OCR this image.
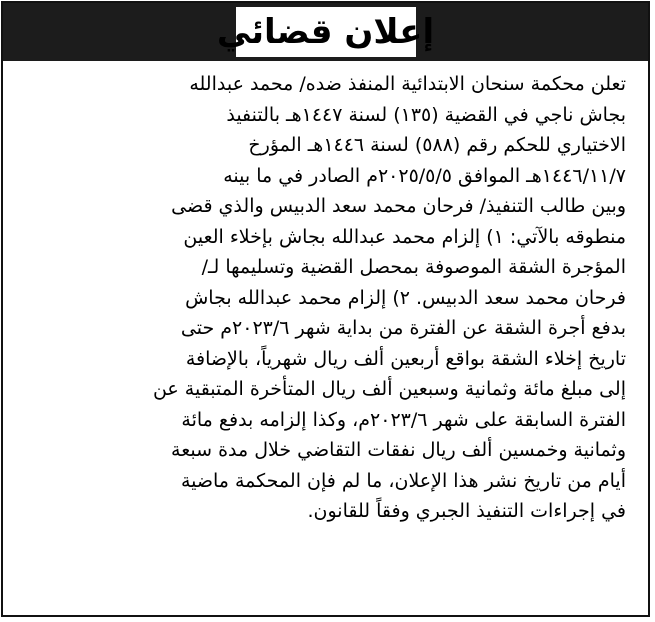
إعلان قضائي
تعلن محكمة سنحان الابتدائية المنفذ ضده/ محمد عبدالله
بجاش ناجي في القضية (١٣٥) لسنة ١٤٤٧هـ بالتنفيذ
الاختياري للحكم رقم (٥٨٨) لسنة ١٤٤٦هـ المؤرخ
١٤٤٦/١١/٧هـ الموافق ٢٠٢٥/٥/٥م الصادر في ما بينه
وبين طالب التنفيذ/ فرحان محمد سعد الدبيس والذي قضى
منطوقه بالآتي: ١) إلزام محمد عبدالله بجاش بإخلاء العين
المؤجرة الشقة الموصوفة بمحصل القضية وتسليمها لـ/
فرحان محمد سعد الدبيس. ٢) إلزام محمد عبدالله بجاش
بدفع أجرة الشقة عن الفترة من بداية شهر ٢٠٢٣/٦م حتى
تاريخ إخلاء الشقة بواقع أربعين ألف ريال شهرياً، بالإضافة
إلى مبلغ مائة وثمانية وسبعين ألف ريال المتأخرة المتبقية عن
الفترة السابقة على شهر ٢٠٢٣/٦م، وكذا إلزامه بدفع مائة
وثمانية وخمسين ألف ريال نفقات التقاضي خلال مدة سبعة
أيام من تاريخ نشر هذا الإعلان، ما لم فإن المحكمة ماضية
في إجراءات التنفيذ الجبري وفقاً للقانون.
